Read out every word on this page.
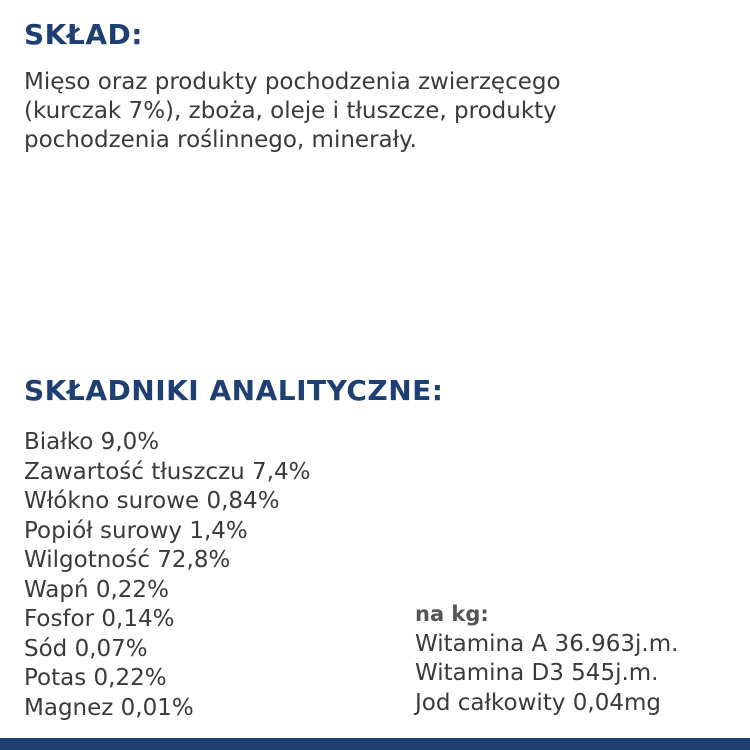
SKŁAD:
Mięso oraz produkty pochodzenia zwierzęcego
(kurczak 7%), zboża, oleje i tłuszcze, produkty
pochodzenia roślinnego, minerały.
SKŁADNIKI ANALITYCZNE:
Białko 9,0%
Zawartość tłuszczu 7,4%
Włókno surowe 0,84%
Popiół surowy 1,4%
Wilgotność 72,8%
Wapń 0,22%
Fosfor 0,14%
Sód 0,07%
Potas 0,22%
Magnez 0,01%
na kg:
Witamina A 36.963j.m.
Witamina D3 545j.m.
Jod całkowity 0,04mg
